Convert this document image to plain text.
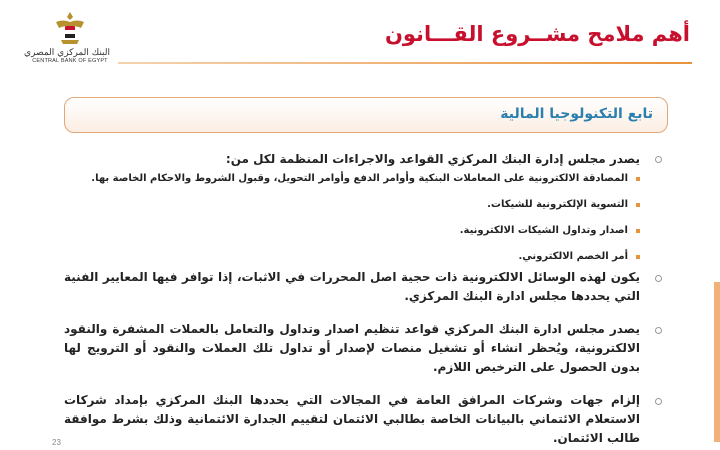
البنك المركزي المصري
CENTRAL BANK OF EGYPT
أهم ملامح مشــروع القـــانون
تابع التكنولوجيا المالية
يصدر مجلس إدارة البنك المركزي القواعد والاجراءات المنظمة لكل من:
المصادقة الالكترونية على المعاملات البنكية وأوامر الدفع وأوامر التحويل، وقبول الشروط والاحكام الخاصة بها.
التسوية الإلكترونية للشيكات.
اصدار وتداول الشيكات الالكترونية.
أمر الخصم الالكتروني.
يكون لهذه الوسائل الالكترونية ذات حجية اصل المحررات في الاثبات، إذا توافر فيها المعايير الفنية التي يحددها مجلس ادارة البنك المركزي.
يصدر مجلس ادارة البنك المركزي قواعد تنظيم اصدار وتداول والتعامل بالعملات المشفرة والنقود الالكترونية، ويُحظر انشاء أو تشغيل منصات لإصدار أو تداول تلك العملات والنقود أو الترويج لها بدون الحصول على الترخيص اللازم.
إلزام جهات وشركات المرافق العامة في المجالات التي يحددها البنك المركزي بإمداد شركات الاستعلام الائتماني بالبيانات الخاصة بطالبي الائتمان لتقييم الجدارة الائتمانية وذلك بشرط موافقة طالب الائتمان.
23
